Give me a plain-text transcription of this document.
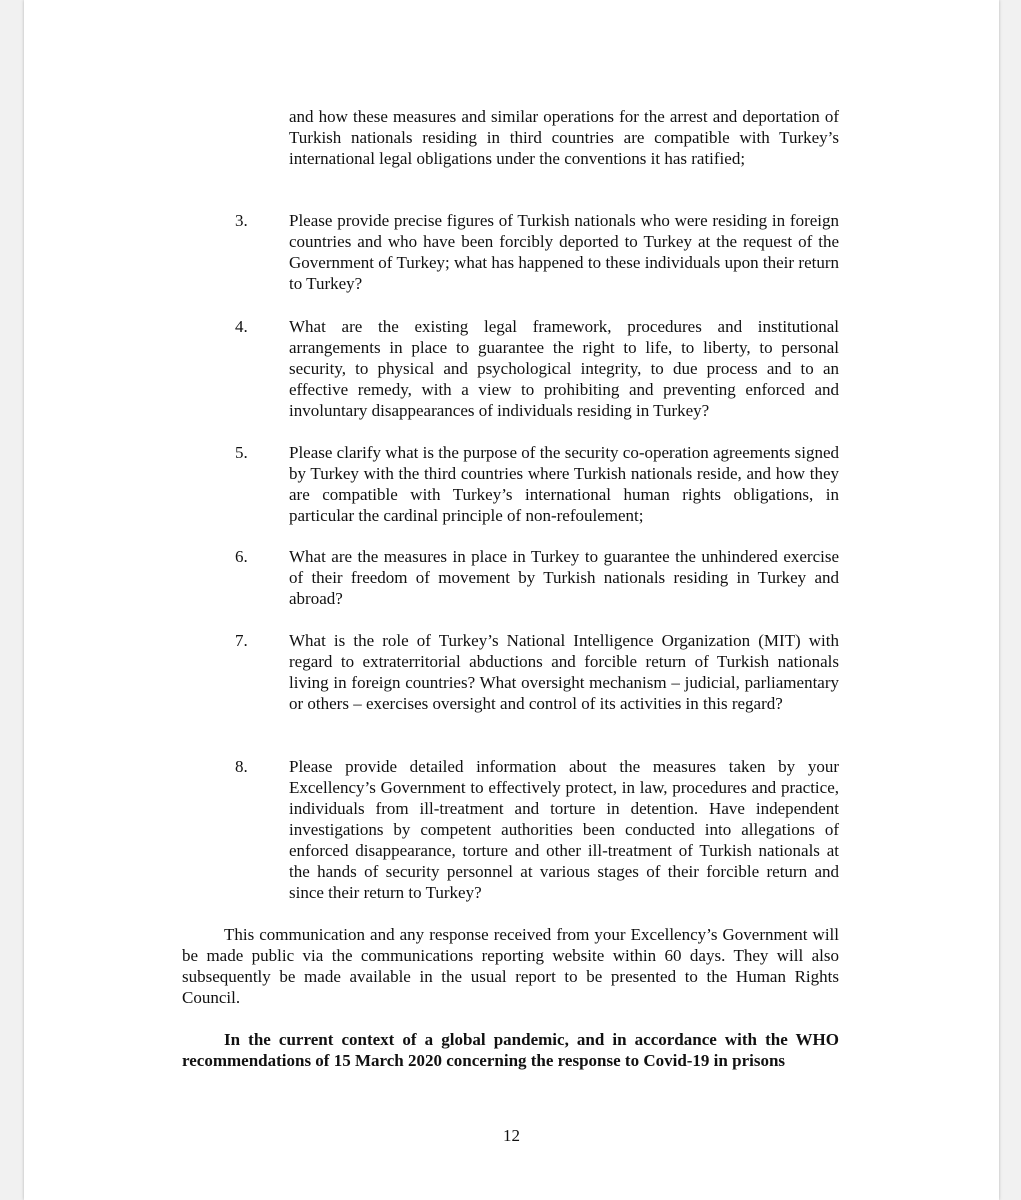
and how these measures and similar operations for the arrest and deportation of Turkish nationals residing in third countries are compatible with Turkey’s international legal obligations under the conventions it has ratified;

3. Please provide precise figures of Turkish nationals who were residing in foreign countries and who have been forcibly deported to Turkey at the request of the Government of Turkey; what has happened to these individuals upon their return to Turkey?

4. What are the existing legal framework, procedures and institutional arrangements in place to guarantee the right to life, to liberty, to personal security, to physical and psychological integrity, to due process and to an effective remedy, with a view to prohibiting and preventing enforced and involuntary disappearances of individuals residing in Turkey?

5. Please clarify what is the purpose of the security co-operation agreements signed by Turkey with the third countries where Turkish nationals reside, and how they are compatible with Turkey’s international human rights obligations, in particular the cardinal principle of non-refoulement;

6. What are the measures in place in Turkey to guarantee the unhindered exercise of their freedom of movement by Turkish nationals residing in Turkey and abroad?

7. What is the role of Turkey’s National Intelligence Organization (MIT) with regard to extraterritorial abductions and forcible return of Turkish nationals living in foreign countries? What oversight mechanism – judicial, parliamentary or others – exercises oversight and control of its activities in this regard?

8. Please provide detailed information about the measures taken by your Excellency’s Government to effectively protect, in law, procedures and practice, individuals from ill-treatment and torture in detention. Have independent investigations by competent authorities been conducted into allegations of enforced disappearance, torture and other ill-treatment of Turkish nationals at the hands of security personnel at various stages of their forcible return and since their return to Turkey?

This communication and any response received from your Excellency’s Government will be made public via the communications reporting website within 60 days. They will also subsequently be made available in the usual report to be presented to the Human Rights Council.

In the current context of a global pandemic, and in accordance with the WHO recommendations of 15 March 2020 concerning the response to Covid-19 in prisons

12
